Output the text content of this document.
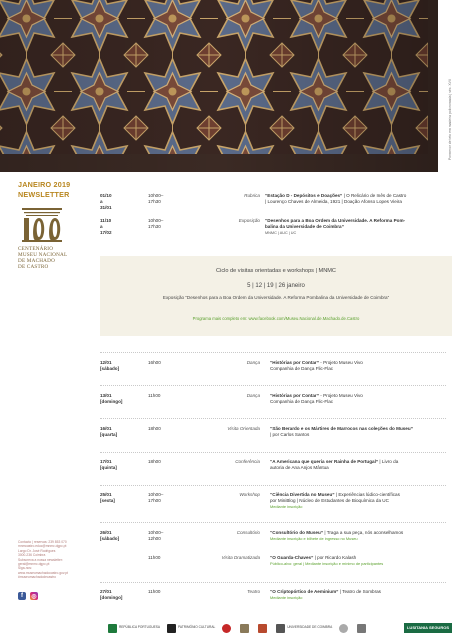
Pormenor de teto em madeira policromada | séc. XVII
JANEIRO 2019
NEWSLETTER
CENTENÁRIO
MUSEU NACIONAL
DE MACHADO
DE CASTRO
Contacto | reservas: 239 853 070
mnmcastro.educ@mnmc.dgpc.pt
Largo Dr. José Rodrigues
3000-236 Coimbra
Subscreva a nossa newsletter:
geral@mnmc.dgpc.pt
Siga-nos:
www.museumachadocastro.gov.pt
#museumachadodecastro
f	◎
01/10 a 31/01
10h00–17h30
Rubrica “Estação D - Depósitos e Doações” | O Relicário de Inês de Castro
| Lourenço Chaves de Almeida, 1921 | Doação Afonso Lopes Vieira
11/10 a 17/02
10h00–17h30
Exposição “Desenhos para a Boa Ordem da Universidade. A Reforma Pom-
balina da Universidade de Coimbra”
MNMC | AUC | UC
Ciclo de visitas orientadas e workshops | MNMC
5 | 12 | 19 | 26 janeiro
Exposição “Desenhos para a Boa Ordem da Universidade. A Reforma Pombalina da Universidade de Coimbra”
Programa mais completo em: www.facebook.com/Museu.Nacional.de.Machado.de.Castro
12/01
[sábado]
16h00	Dança “Histórias por Contar” - Projeto Museu Vivo
Companhia de Dança Flic-Flac
13/01
[domingo]
11h00	Dança “Histórias por Contar” - Projeto Museu Vivo
Companhia de Dança Flic-Flac
16/01
[quarta]
18h00	Visita Orientada “São Berardo e os Mártires de Marrocos nas coleções do Museu”
| por Carlos Santos
17/01
[quinta]
18h00	Conferência “A Americana que queria ser Rainha de Portugal” | Livro da
autoria de Ana Anjos Mântua
25/01
[sexta]
10h00–17h00
Workshop “Ciência Divertida no Museu” | Experiências lúdico-científicas
por MiniBlog | Núcleo de Estudantes de Bioquímica da UC
Mediante inscrição
26/01
[sábado]
10h00–12h00
Consultório “Consultório do Museu” | Traga a sua peça, nós aconselhamos
Mediante inscrição e bilhete de ingresso no Museu
11h00	Visita Dramatizada “O Guarda-Chaves” | por Ricardo Kalash
Público-alvo: geral | Mediante inscrição e mínimo de participantes
27/01
[domingo]
11h00	Teatro “O Criptopórtico de Aeminium” | Teatro de Sombras
Mediante inscrição
REPÚBLICA PORTUGUESA	PATRIMÓNIO CULTURAL	UNIVERSIDADE DE COIMBRA	LUSITANIA SEGUROS
